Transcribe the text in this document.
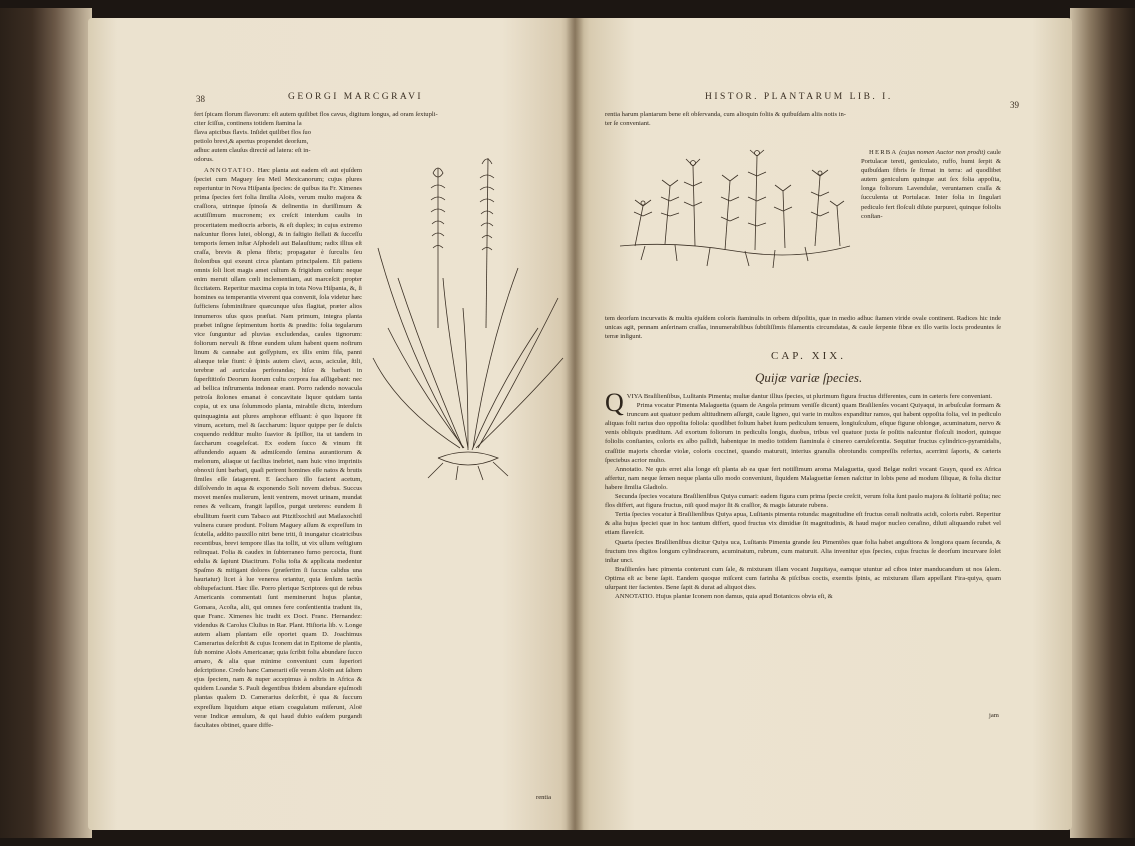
38	GEORGI MARCGRAVI

fert ſpicam florum flavorum: eſt autem quilibet flos cavus, digitum longus, ad oram ſextupli-

citer ſciſſus, continens totidem ſtamina la

flava apicibus flavis. Inſidet quilibet flos ſuo

petiolo brevi,& apertus propendet deorſum,

adhuc autem clauſus directè ad latera: eſt in-

odorus.

ANNOTATIO. Hæc planta aut eadem eſt aut ejuſdem ſpeciei cum Maguey ſeu Metl Mexicanorum; cujus plures reperiuntur in Nova Hiſpania ſpecies: de quibus ita Fr. Ximenes prima ſpecies fert folia ſimilia Aloës, verum multo majora & craſſiora, utrinque ſpinoſa & deſinentia in duriſſimum & acutiſſimum mucronem; ex creſcit interdum caulis in proceritatem mediocris arboris, & eſt duplex; in cujus extremo naſcuntur flores lutei, oblongi, & in faſtigio ſtellati & ſucceſſu temporis ſemen inſtar Aſphodeli aut Balauſtium; radix illius eſt craſſa, brevis & plena fibris; propagatur è ſurculis ſeu ſtolonibus qui exeunt circa plantam principalem. Eſt patiens omnis ſoli licet magis amet cultum & frigidum cœlum: neque enim meruit ullam cœli inclementiam, aut marceſcit propter ſiccitatem. Reperitur maxima copia in tota Nova Hiſpania, &, ſi homines ea temperantia viverent qua convenit, ſola videtur hæc ſufficiens ſubminiſtrare quæcunque uſus flagitat, præter alios innumeros uſus quos præſtat. Nam primum, integra planta præbet inſigne ſepimentum hortis & prædiis: folia tegularum vice ſunguntur ad pluvias excludendas, caules tignorum: foliorum nervuli & fibræ eundem uſum habent quem noſtrum linum & cannabe aut goſſypium, ex illis enim fila, panni aliæque telæ fiunt: è ſpinis autem clavi, acus, aciculæ, ſtili, terebræ ad auriculas perforandas; hiſce & barbari in ſuperſtitioſo Deorum ſuorum cultu corpora ſua aſſligebant: nec ad bellica inſtrumenta indoneæ erant. Porro radendo novacula petroſa ſtolones emanat è concavitate liquor quidam tanta copia, ut ex una ſolummodo planta, mirabile dictu, interdum quinquaginta aut plures amphoræ effluant: è quo liquore fit vinum, acetum, mel & ſaccharum: liquor quippe per ſe dulcis coquendo redditur multo ſuavior & ſpiſſior, ita ut tandem in ſaccharum coageleſcat. Ex eodem ſucco & vinum fit affundendo aquam & admiſcendo ſemina aurantiorum & melonum, aliaque ut facilius inebriet, nam huic vino impriniis obnoxii ſunt barbari, quaſi perirent homines eſſe natos & brutis ſimiles eſſe ſatagerent. E ſaccharo illo facient acetum, diſſolvendo in aqua & exponendo Soli novem diebus. Succus movet menſes mulierum, lenit ventrem, movet urinam, mundat renes & veſicam, frangit lapillos, purgat ureteres: eundem ſi ebullitum fuerit cum Tabaco aut Pitzitlxochitl aut Matlaxochitl vulnera curare produnt. Folium Maguey aſſum & expreſſum in ſcutella, addito pauxillo nitri bene triti, ſi inungatur cicatricibus recentibus, brevi tempore illas ita tollit, ut vix ullum veſtigium relinquat. Folia & caudex in ſubterraneo furno percocta, fiunt edulia & ſapiunt Diacitrum. Folia toſta & applicata medentur Spaſmo & mitigant dolores (præſertim ſi ſuccus calidus una hauriatur) licet à lue venerea oriantur, quia ſenſum tactûs obſtupefaciunt. Hæc ille. Porro plerique Scriptores qui de rebus Americanis commentati ſunt meminerunt hujus plantæ, Gomara, Acoſta, alii, qui omnes fere conſentientia tradunt iis, quæ Franc. Ximenes hic tradit ex Doct. Franc. Hernandez: videndus & Carolus Cluſius in Rar. Plant. Hiſtoria lib. v. Longe autem aliam plantam eſſe oportet quam D. Joachimus Camerarius deſcribit & cujus Iconem dat in Epitome de plantis, ſub nomine Aloës Americanæ; quia ſcribit folia abundare ſucco amaro, & alia quæ minime conveniunt cum ſuperiori deſcriptione. Credo hanc Camerarii eſſe veram Aloën aut ſaltem ejus ſpeciem, nam & nuper accepimus à noſtris in Africa & quidem Loandæ S. Pauli degentibus ibidem abundare ejuſmodi plantas qualem D. Camerarius deſcribit, è qua & ſuccum expreſſum liquidum atque etiam coagulatum miſerunt, Aloë veræ Indicæ æmulum, & qui haud dubio eaſdem purgandi facultates obtinet, quare diffe-

rentia
HISTOR. PLANTARUM LIB. I.
39

rentia harum plantarum bene eſt obſervanda, cum alioquin foliis & quibuſdam aliis notis in-

ter ſe conveniant.

HERBA (cujus nomen Auctor non prodit) caule Portulacæ tereti, geniculato, ruffo, humi ſerpit & quibuſdam fibris ſe firmat in terra: ad quodlibet autem geniculum quinque aut ſex folia appoſita, longa foliorum Lavendulæ, veruntamen craſſa & ſucculenta ut Portulacæ. Inter folia in ſingulari pediculo fert floſculi dilute purpurei, quinque foliolis conſtan-

tem deorſum incurvatis & multis ejuſdem coloris ſtaminulis in orbem diſpoſitis, quæ in medio adhuc ſtamen viride ovale continent. Radices hic inde unicas agit, pennam anſerinam craſſas, innumerabilibus ſubtiliſſimis filamentis circumdatas, & caule ſerpente fibræ ex illo variis locis prodeuntes ſe terræ inſigunt.

CAP. XIX.
Quijæ variæ ſpecies.

Q VIYA Braſilienſibus, Luſitanis Pimenta; multæ dantur illius ſpecies, ut plurimum figura fructus differentes, cum in cæteris fere conveniant.

Prima vocatur Pimenta Malaguetta (quam de Angola primum veniſſe dicunt) quam Braſilienſes vocant Quiyaqui, in arbuſculæ formam & truncum aut quatuor pedum altitudinem aſſurgit, caule ligneo, qui varie in multos expanditur ramos, qui habent oppoſita folia, vel in pediculo aliquas folii rarius duo oppoſita foliola: quodlibet folium habet ſuum pediculum tenuem, longiuſculum, eſtque figuræ oblongæ, acuminatum, nervo & venis obliquis præditum. Ad exortum foliorum in pediculis longis, duobus, tribus vel quatuor juxta ſe poſitis naſcuntur floſculi inodori, quinque foliolis conſtantes, coloris ex albo pallidi, habentque in medio totidem ſtaminula è cinereo cæruleſcentia. Sequitur fructus cylindrico-pyramidalis, craſſitie majoris chordæ violæ, coloris coccinei, quando maturuit, interius granulis obrotundis compreſſis refertus, acerrimi ſaporis, & cæteris ſpeciebus acrior multo.

Annotatio. Ne quis erret alia longe eſt planta ab ea quæ fert notiſſimum aroma Malaguetta, quod Belgæ noſtri vocant Grayn, quod ex Africa affertur, nam neque ſemen neque planta ullo modo conveniunt, ſiquidem Malaguettæ ſemen naſcitur in lobis pene ad modum ſiliquæ, & folia dicitur habere ſimilia Gladiolo.

Secunda ſpecies vocatura Braſilienſibus Quiya cumari: eadem figura cum prima ſpecie creſcit, verum folia ſunt paulo majora & ſolitariè poſita; nec flos differt, aut figura fructus, niſi quod major ſit & craſſior, & magis ſaturate rubens.

Tertia ſpecies vocatur à Braſilienſibus Quiya apua, Luſitanis pimenta rotunda: magnitudine eſt fructus ceraſi noſtratis acidi, coloris rubri. Reperitur & alia hujus ſpeciei quæ in hoc tantum differt, quod fructus vix dimidiæ ſit magnitudinis, & haud major nucleo ceraſino, diluti aliquando rubet vel etiam flaveſcit.

Quarta ſpecies Braſilienſibus dicitur Quiya uca, Luſitanis Pimenta grande ſeu Pimentões quæ folia habet anguſtiora & longiora quam ſecunda, & fructum tres digitos longum cylindraceum, acuminatum, rubrum, cum maturuit. Alia invenitur ejus ſpecies, cujus fructus ſe deorſum incurvare ſolet inſtar unci.

Braſilienſes hæc pimenta conterunt cum ſale, & mixturam illam vocant Juquitaya, eamque utuntur ad cibos inter manducandum ut nos ſalem. Optima eſt ac bene ſapit. Eandem quoque miſcent cum farinha & piſcibus coctis, exemtis ſpinis, ac mixturam illam appellant Fira-quiya, quam uſurpant iter facientes. Bene ſapit & durat ad aliquot dies.

ANNOTATIO. Hujus plantæ Iconem non damus, quia apud Botanicos obvia eſt, &

jam
